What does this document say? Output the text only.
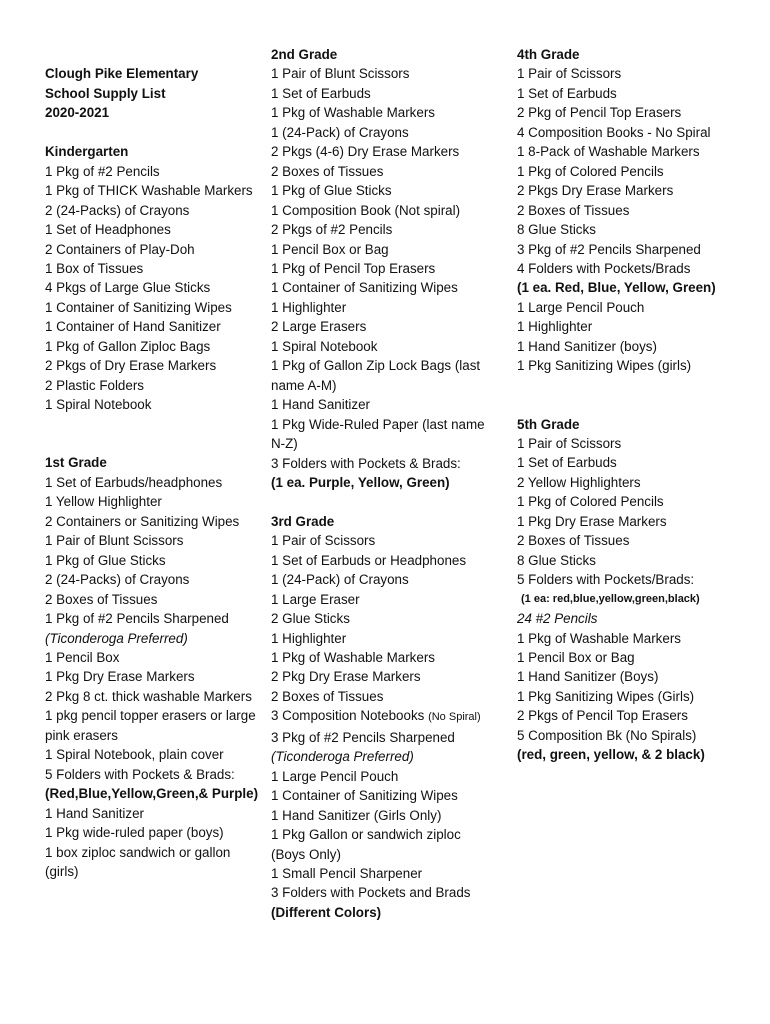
Clough Pike Elementary
School Supply List
2020-2021
Kindergarten
1 Pkg of #2 Pencils
1 Pkg of THICK Washable Markers
2 (24-Packs) of Crayons
1 Set of Headphones
2 Containers of Play-Doh
1 Box of Tissues
4 Pkgs of Large Glue Sticks
1 Container of Sanitizing Wipes
1 Container of Hand Sanitizer
1 Pkg of Gallon Ziploc Bags
2 Pkgs of Dry Erase Markers
2 Plastic Folders
1 Spiral Notebook
1st Grade
1 Set of Earbuds/headphones
1 Yellow Highlighter
2 Containers or Sanitizing Wipes
1 Pair of Blunt Scissors
1 Pkg of Glue Sticks
2 (24-Packs) of Crayons
2 Boxes of Tissues
1 Pkg of #2 Pencils Sharpened
(Ticonderoga Preferred)
1 Pencil Box
1 Pkg Dry Erase Markers
2 Pkg 8 ct. thick washable Markers
1 pkg pencil topper erasers or large
pink erasers
1 Spiral Notebook, plain cover
5 Folders with Pockets & Brads:
(Red,Blue,Yellow,Green,& Purple)
1 Hand Sanitizer
1 Pkg wide-ruled paper (boys)
1 box ziploc sandwich or gallon
(girls)
2nd Grade
1 Pair of Blunt Scissors
1 Set of Earbuds
1 Pkg of Washable Markers
1 (24-Pack) of Crayons
2 Pkgs (4-6) Dry Erase Markers
2 Boxes of Tissues
1 Pkg of Glue Sticks
1 Composition Book (Not spiral)
2 Pkgs of #2 Pencils
1 Pencil Box or Bag
1 Pkg of Pencil Top Erasers
1 Container of Sanitizing Wipes
1 Highlighter
2 Large Erasers
1 Spiral Notebook
1 Pkg of Gallon Zip Lock Bags (last
name A-M)
1 Hand Sanitizer
1 Pkg Wide-Ruled Paper (last name
N-Z)
3 Folders with Pockets & Brads:
(1 ea. Purple, Yellow, Green)
3rd Grade
1 Pair of Scissors
1 Set of Earbuds or Headphones
1 (24-Pack) of Crayons
1 Large Eraser
2 Glue Sticks
1 Highlighter
1 Pkg of Washable Markers
2 Pkg Dry Erase Markers
2 Boxes of Tissues
3 Composition Notebooks (No Spiral)
3 Pkg of #2 Pencils Sharpened
(Ticonderoga Preferred)
1 Large Pencil Pouch
1 Container of Sanitizing Wipes
1 Hand Sanitizer (Girls Only)
1 Pkg Gallon or sandwich ziploc
(Boys Only)
1 Small Pencil Sharpener
3 Folders with Pockets and Brads
(Different Colors)
4th Grade
1 Pair of Scissors
1 Set of Earbuds
2 Pkg of Pencil Top Erasers
4 Composition Books - No Spiral
1 8-Pack of Washable Markers
1 Pkg of Colored Pencils
2 Pkgs Dry Erase Markers
2 Boxes of Tissues
8 Glue Sticks
3 Pkg of #2 Pencils Sharpened
4 Folders with Pockets/Brads
(1 ea. Red, Blue, Yellow, Green)
1 Large Pencil Pouch
1 Highlighter
1 Hand Sanitizer (boys)
1 Pkg Sanitizing Wipes (girls)
5th Grade
1 Pair of Scissors
1 Set of Earbuds
2 Yellow Highlighters
1 Pkg of Colored Pencils
1 Pkg Dry Erase Markers
2 Boxes of Tissues
8 Glue Sticks
5 Folders with Pockets/Brads:
(1 ea: red,blue,yellow,green,black)
24 #2 Pencils
1 Pkg of Washable Markers
1 Pencil Box or Bag
1 Hand Sanitizer (Boys)
1 Pkg Sanitizing Wipes (Girls)
2 Pkgs of Pencil Top Erasers
5 Composition Bk (No Spirals)
(red, green, yellow, & 2 black)
